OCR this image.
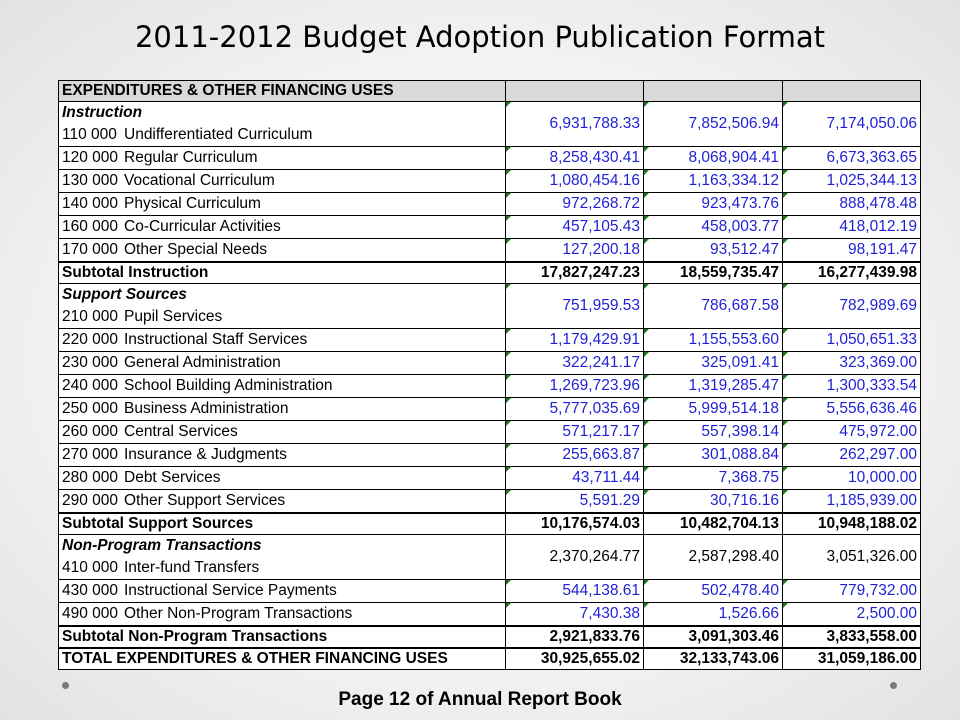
2011-2012 Budget Adoption Publication Format
EXPENDITURES & OTHER FINANCING USES			

Instruction
110 000 Undifferentiated Curriculum	6,931,788.33	7,852,506.94	7,174,050.06

120 000 Regular Curriculum	8,258,430.41	8,068,904.41	6,673,363.65

130 000 Vocational Curriculum	1,080,454.16	1,163,334.12	1,025,344.13

140 000 Physical Curriculum	972,268.72	923,473.76	888,478.48

160 000 Co-Curricular Activities	457,105.43	458,003.77	418,012.19

170 000 Other Special Needs	127,200.18	93,512.47	98,191.47
Subtotal Instruction	17,827,247.23	18,559,735.47	16,277,439.98

Support Sources
210 000 Pupil Services	751,959.53	786,687.58	782,989.69

220 000 Instructional Staff Services	1,179,429.91	1,155,553.60	1,050,651.33

230 000 General Administration	322,241.17	325,091.41	323,369.00

240 000 School Building Administration	1,269,723.96	1,319,285.47	1,300,333.54

250 000 Business Administration	5,777,035.69	5,999,514.18	5,556,636.46

260 000 Central Services	571,217.17	557,398.14	475,972.00

270 000 Insurance & Judgments	255,663.87	301,088.84	262,297.00

280 000 Debt Services	43,711.44	7,368.75	10,000.00

290 000 Other Support Services	5,591.29	30,716.16	1,185,939.00
Subtotal Support Sources	10,176,574.03	10,482,704.13	10,948,188.02

Non-Program Transactions
410 000 Inter-fund Transfers	2,370,264.77	2,587,298.40	3,051,326.00

430 000 Instructional Service Payments	544,138.61	502,478.40	779,732.00

490 000 Other Non-Program Transactions	7,430.38	1,526.66	2,500.00
Subtotal Non-Program Transactions	2,921,833.76	3,091,303.46	3,833,558.00
TOTAL EXPENDITURES & OTHER FINANCING USES	30,925,655.02	32,133,743.06	31,059,186.00
Page 12 of Annual Report Book
